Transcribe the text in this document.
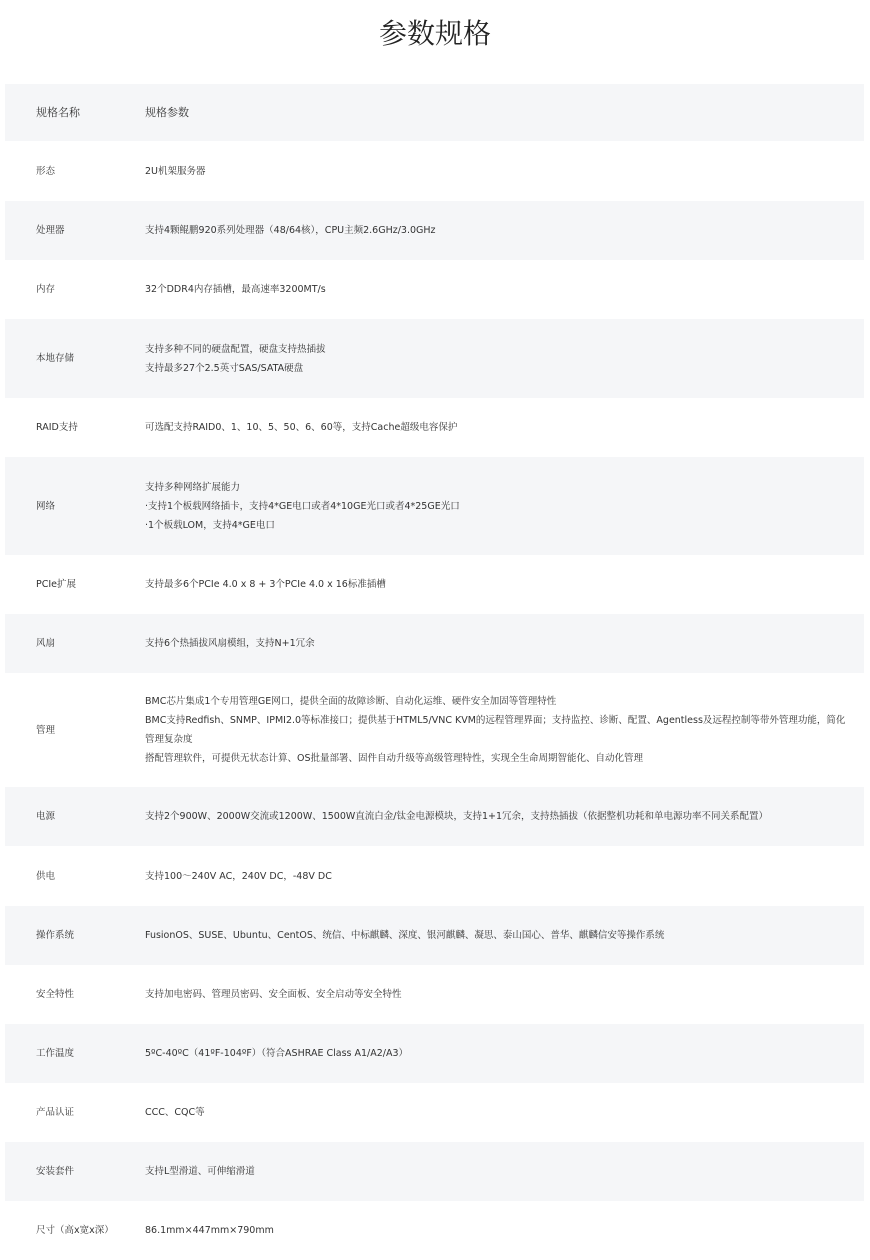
参数规格
规格名称	规格参数
形态	2U机架服务器

处理器	支持4颗鲲鹏920系列处理器（48/64核），CPU主频2.6GHz/3.0GHz

内存	32个DDR4内存插槽，最高速率3200MT/s

本地存储	支持多种不同的硬盘配置，硬盘支持热插拔
支持最多27个2.5英寸SAS/SATA硬盘

RAID支持	可选配支持RAID0、1、10、5、50、6、60等，支持Cache超级电容保护

网络	支持多种网络扩展能力
·支持1个板载网络插卡，支持4*GE电口或者4*10GE光口或者4*25GE光口
·1个板载LOM，支持4*GE电口

PCIe扩展	支持最多6个PCIe 4.0 x 8 + 3个PCIe 4.0 x 16标准插槽

风扇	支持6个热插拔风扇模组，支持N+1冗余

管理	BMC芯片集成1个专用管理GE网口，提供全面的故障诊断、自动化运维、硬件安全加固等管理特性
BMC支持Redfish、SNMP、IPMI2.0等标准接口；提供基于HTML5/VNC KVM的远程管理界面；支持监控、诊断、配置、Agentless及远程控制等带外管理功能，简化管理复杂度
搭配管理软件，可提供无状态计算、OS批量部署、固件自动升级等高级管理特性，实现全生命周期智能化、自动化管理

电源	支持2个900W、2000W交流或1200W、1500W直流白金/钛金电源模块，支持1+1冗余，支持热插拔（依据整机功耗和单电源功率不同关系配置）

供电	支持100～240V AC，240V DC，-48V DC

操作系统	FusionOS、SUSE、Ubuntu、CentOS、统信、中标麒麟、深度、银河麒麟、凝思、泰山国心、普华、麒麟信安等操作系统

安全特性	支持加电密码、管理员密码、安全面板、安全启动等安全特性

工作温度	5ºC-40ºC（41ºF-104ºF）（符合ASHRAE Class A1/A2/A3）

产品认证	CCC、CQC等

安装套件	支持L型滑道、可伸缩滑道

尺寸（高x宽x深）	86.1mm×447mm×790mm
